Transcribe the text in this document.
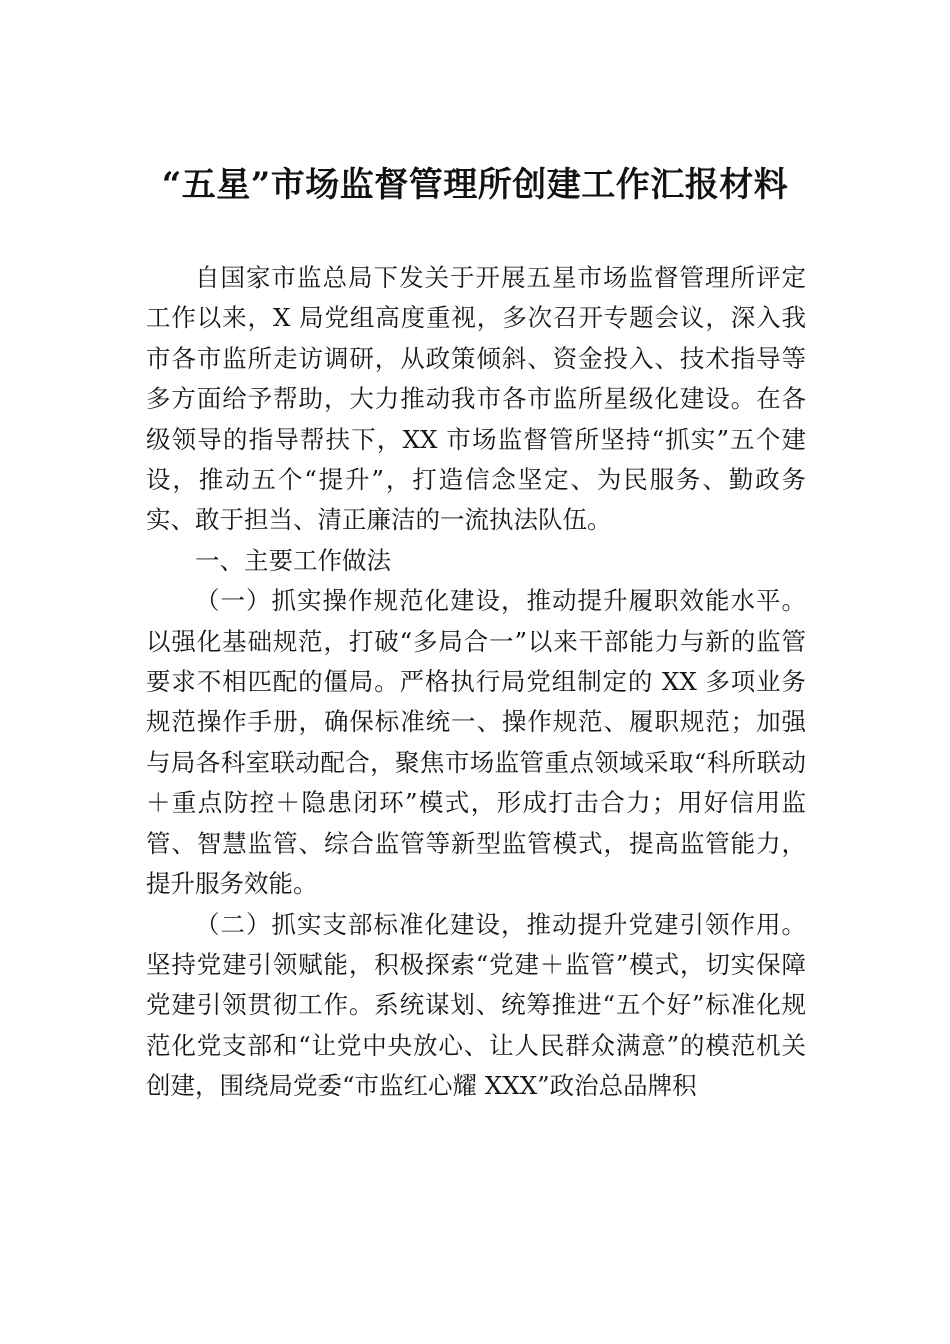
“五星”市场监督管理所创建工作汇报材料

自国家市监总局下发关于开展五星市场监督管理所评定工作以来，X 局党组高度重视，多次召开专题会议，深入我市各市监所走访调研，从政策倾斜、资金投入、技术指导等多方面给予帮助，大力推动我市各市监所星级化建设。在各级领导的指导帮扶下，XX 市场监督管所坚持“抓实”五个建设，推动五个“提升”，打造信念坚定、为民服务、勤政务实、敢于担当、清正廉洁的一流执法队伍。

一、主要工作做法

（一）抓实操作规范化建设，推动提升履职效能水平。以强化基础规范，打破“多局合一”以来干部能力与新的监管要求不相匹配的僵局。严格执行局党组制定的 XX 多项业务规范操作手册，确保标准统一、操作规范、履职规范；加强与局各科室联动配合，聚焦市场监管重点领域采取“科所联动＋重点防控＋隐患闭环”模式，形成打击合力；用好信用监管、智慧监管、综合监管等新型监管模式，提高监管能力，提升服务效能。

（二）抓实支部标准化建设，推动提升党建引领作用。坚持党建引领赋能，积极探索“党建＋监管”模式，切实保障党建引领贯彻工作。系统谋划、统筹推进“五个好”标准化规范化党支部和“让党中央放心、让人民群众满意”的模范机关创建，围绕局党委“市监红心耀 XXX”政治总品牌积
